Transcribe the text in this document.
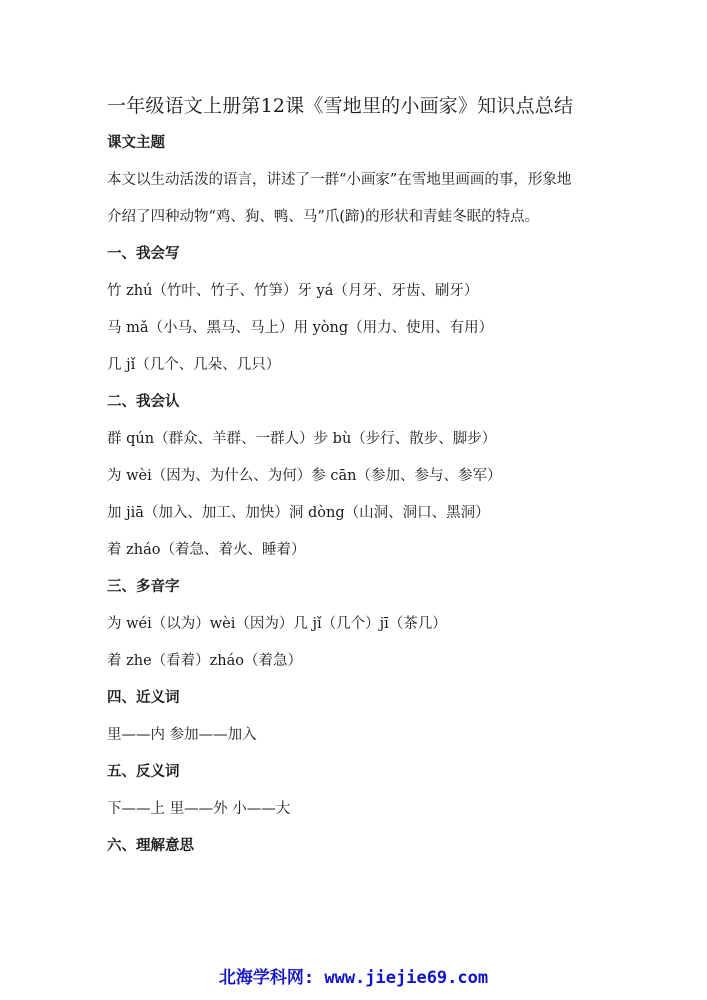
一年级语文上册第12课《雪地里的小画家》知识点总结
课文主题
本文以生动活泼的语言，讲述了一群“小画家”在雪地里画画的事，形象地
介绍了四种动物“鸡、狗、鸭、马”爪(蹄)的形状和青蛙冬眠的特点。
一、我会写
竹 zhú（竹叶、竹子、竹笋）牙 yá（月牙、牙齿、刷牙）
马 mǎ（小马、黑马、马上）用 yòng（用力、使用、有用）
几 jǐ（几个、几朵、几只）
二、我会认
群 qún（群众、羊群、一群人）步 bù（步行、散步、脚步）
为 wèi（因为、为什么、为何）参 cān（参加、参与、参军）
加 jiā（加入、加工、加快）洞 dòng（山洞、洞口、黑洞）
着 zháo（着急、着火、睡着）
三、多音字
为 wéi（以为）wèi（因为）几 jǐ（几个）jī（茶几）
着 zhe（看着）zháo（着急）
四、近义词
里——内 参加——加入
五、反义词
下——上 里——外 小——大
六、理解意思
北海学科网: www.jiejie69.com
